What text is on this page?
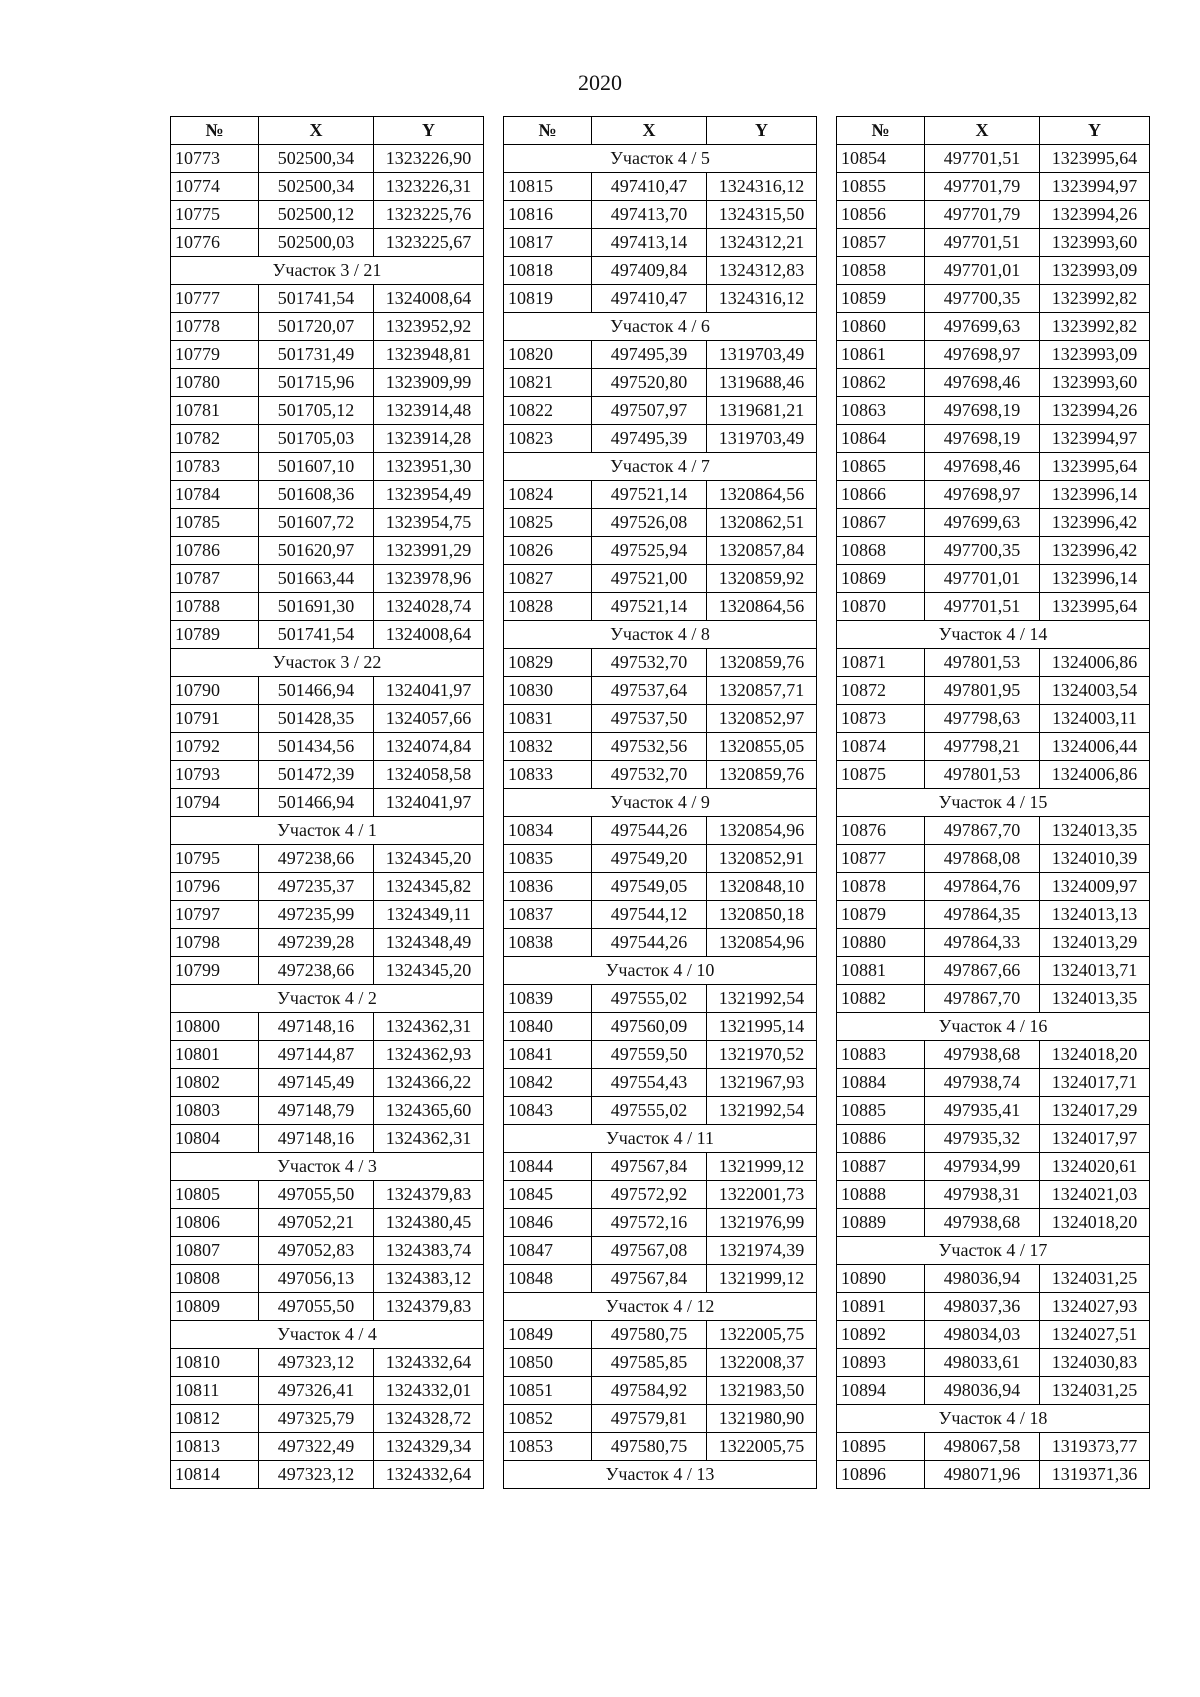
2020
№	X	Y
10773	502500,34	1323226,90
10774	502500,34	1323226,31
10775	502500,12	1323225,76
10776	502500,03	1323225,67
Участок 3 / 21		
10777	501741,54	1324008,64
10778	501720,07	1323952,92
10779	501731,49	1323948,81
10780	501715,96	1323909,99
10781	501705,12	1323914,48
10782	501705,03	1323914,28
10783	501607,10	1323951,30
10784	501608,36	1323954,49
10785	501607,72	1323954,75
10786	501620,97	1323991,29
10787	501663,44	1323978,96
10788	501691,30	1324028,74
10789	501741,54	1324008,64
Участок 3 / 22		
10790	501466,94	1324041,97
10791	501428,35	1324057,66
10792	501434,56	1324074,84
10793	501472,39	1324058,58
10794	501466,94	1324041,97
Участок 4 / 1		
10795	497238,66	1324345,20
10796	497235,37	1324345,82
10797	497235,99	1324349,11
10798	497239,28	1324348,49
10799	497238,66	1324345,20
Участок 4 / 2		
10800	497148,16	1324362,31
10801	497144,87	1324362,93
10802	497145,49	1324366,22
10803	497148,79	1324365,60
10804	497148,16	1324362,31
Участок 4 / 3		
10805	497055,50	1324379,83
10806	497052,21	1324380,45
10807	497052,83	1324383,74
10808	497056,13	1324383,12
10809	497055,50	1324379,83
Участок 4 / 4		
10810	497323,12	1324332,64
10811	497326,41	1324332,01
10812	497325,79	1324328,72
10813	497322,49	1324329,34
10814	497323,12	1324332,64
№	X	Y
Участок 4 / 5		
10815	497410,47	1324316,12
10816	497413,70	1324315,50
10817	497413,14	1324312,21
10818	497409,84	1324312,83
10819	497410,47	1324316,12
Участок 4 / 6		
10820	497495,39	1319703,49
10821	497520,80	1319688,46
10822	497507,97	1319681,21
10823	497495,39	1319703,49
Участок 4 / 7		
10824	497521,14	1320864,56
10825	497526,08	1320862,51
10826	497525,94	1320857,84
10827	497521,00	1320859,92
10828	497521,14	1320864,56
Участок 4 / 8		
10829	497532,70	1320859,76
10830	497537,64	1320857,71
10831	497537,50	1320852,97
10832	497532,56	1320855,05
10833	497532,70	1320859,76
Участок 4 / 9		
10834	497544,26	1320854,96
10835	497549,20	1320852,91
10836	497549,05	1320848,10
10837	497544,12	1320850,18
10838	497544,26	1320854,96
Участок 4 / 10		
10839	497555,02	1321992,54
10840	497560,09	1321995,14
10841	497559,50	1321970,52
10842	497554,43	1321967,93
10843	497555,02	1321992,54
Участок 4 / 11		
10844	497567,84	1321999,12
10845	497572,92	1322001,73
10846	497572,16	1321976,99
10847	497567,08	1321974,39
10848	497567,84	1321999,12
Участок 4 / 12		
10849	497580,75	1322005,75
10850	497585,85	1322008,37
10851	497584,92	1321983,50
10852	497579,81	1321980,90
10853	497580,75	1322005,75
Участок 4 / 13		
№	X	Y
10854	497701,51	1323995,64
10855	497701,79	1323994,97
10856	497701,79	1323994,26
10857	497701,51	1323993,60
10858	497701,01	1323993,09
10859	497700,35	1323992,82
10860	497699,63	1323992,82
10861	497698,97	1323993,09
10862	497698,46	1323993,60
10863	497698,19	1323994,26
10864	497698,19	1323994,97
10865	497698,46	1323995,64
10866	497698,97	1323996,14
10867	497699,63	1323996,42
10868	497700,35	1323996,42
10869	497701,01	1323996,14
10870	497701,51	1323995,64
Участок 4 / 14		
10871	497801,53	1324006,86
10872	497801,95	1324003,54
10873	497798,63	1324003,11
10874	497798,21	1324006,44
10875	497801,53	1324006,86
Участок 4 / 15		
10876	497867,70	1324013,35
10877	497868,08	1324010,39
10878	497864,76	1324009,97
10879	497864,35	1324013,13
10880	497864,33	1324013,29
10881	497867,66	1324013,71
10882	497867,70	1324013,35
Участок 4 / 16		
10883	497938,68	1324018,20
10884	497938,74	1324017,71
10885	497935,41	1324017,29
10886	497935,32	1324017,97
10887	497934,99	1324020,61
10888	497938,31	1324021,03
10889	497938,68	1324018,20
Участок 4 / 17		
10890	498036,94	1324031,25
10891	498037,36	1324027,93
10892	498034,03	1324027,51
10893	498033,61	1324030,83
10894	498036,94	1324031,25
Участок 4 / 18		
10895	498067,58	1319373,77
10896	498071,96	1319371,36
